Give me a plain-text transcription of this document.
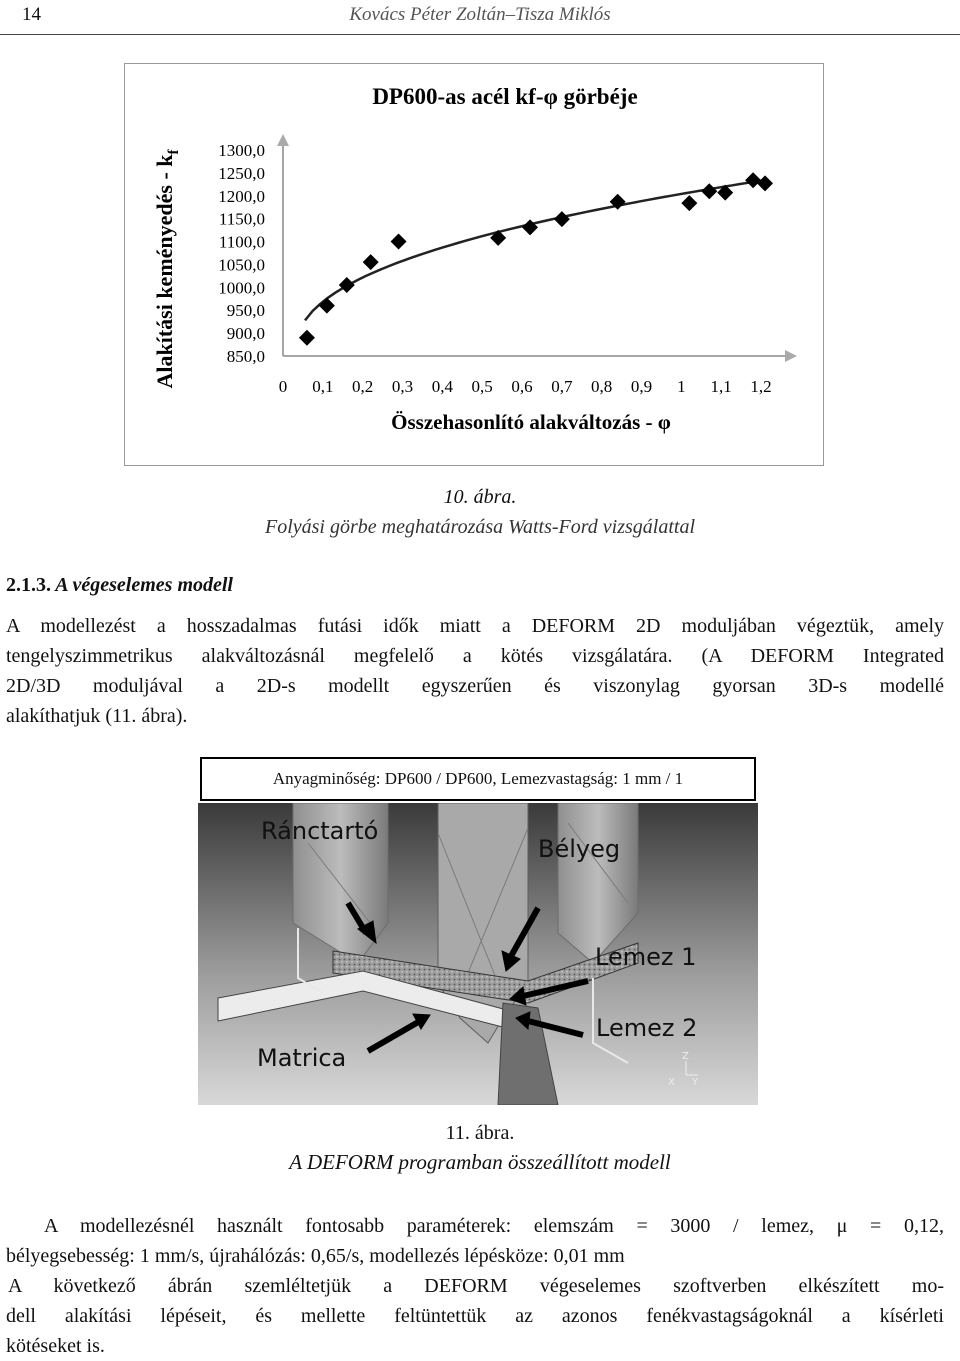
14	Kovács Péter Zoltán–Tisza Miklós
DP600-as acél kf-φ görbéje
Alakítási keményedés - $k_f$
Összehasonlító alakváltozás - φ
1300,0
1250,0
1200,0
1150,0
1100,0
1050,0
1000,0
950,0
900,0
850,0
0 0,1 0,2 0,3 0,4 0,5 0,6 0,7 0,8 0,9 1 1,1 1,2
10. ábra.
Folyási görbe meghatározása Watts-Ford vizsgálattal
2.1.3. A végeselemes modell
A modellezést a hosszadalmas futási idők miatt a DEFORM 2D moduljában végeztük, amely
tengelyszimmetrikus alakváltozásnál megfelelő a kötés vizsgálatára. (A DEFORM Integrated
2D/3D moduljával a 2D-s modellt egyszerűen és viszonylag gyorsan 3D-s modellé
alakíthatjuk (11. ábra).
Anyagminőség: DP600 / DP600, Lemezvastagság: 1 mm / 1
Z
X Y
Ránctartó
Bélyeg
Lemez 1
Lemez 2
Matrica
11. ábra.
A DEFORM programban összeállított modell
A modellezésnél használt fontosabb paraméterek: elemszám = 3000 / lemez, μ = 0,12,
bélyegsebesség: 1 mm/s, újrahálózás: 0,65/s, modellezés lépésköze: 0,01 mm
A következő ábrán szemléltetjük a DEFORM végeselemes szoftverben elkészített mo-
dell alakítási lépéseit, és mellette feltüntettük az azonos fenékvastagságoknál a kísérleti
kötéseket is.
